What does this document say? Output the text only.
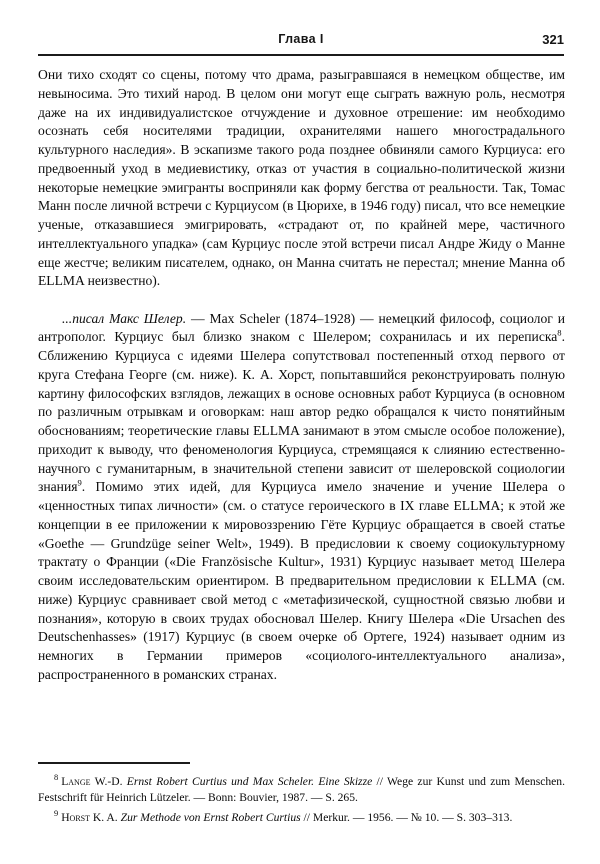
Глава I	321

Они тихо сходят со сцены, потому что драма, разыгравшаяся в немецком обществе, им невыносима. Это тихий народ. В целом они могут еще сыграть важную роль, несмотря даже на их индивидуалистское отчуждение и духовное отрешение: им необходимо осознать себя носителями традиции, охранителями нашего многострадального культурного наследия». В эскапизме такого рода позднее обвиняли самого Курциуса: его предвоенный уход в медиевистику, отказ от участия в социально-политической жизни некоторые немецкие эмигранты восприняли как форму бегства от реальности. Так, Томас Манн после личной встречи с Курциусом (в Цюрихе, в 1946 году) писал, что все немецкие ученые, отказавшиеся эмигрировать, «страдают от, по крайней мере, частичного интеллектуального упадка» (сам Курциус после этой встречи писал Андре Жиду о Манне еще жестче; великим писателем, однако, он Манна считать не перестал; мнение Манна об ELLMA неизвестно).

...писал Макс Шелер. — Max Scheler (1874–1928) — немецкий философ, социолог и антрополог. Курциус был близко знаком с Шелером; сохранилась и их переписка$^8$. Сближению Курциуса с идеями Шелера сопутствовал постепенный отход первого от круга Стефана Георге (см. ниже). К. А. Хорст, попытавшийся реконструировать полную картину философских взглядов, лежащих в основе основных работ Курциуса (в основном по различным отрывкам и оговоркам: наш автор редко обращался к чисто понятийным обоснованиям; теоретические главы ELLMA занимают в этом смысле особое положение), приходит к выводу, что феноменология Курциуса, стремящаяся к слиянию естественно-научного с гуманитарным, в значительной степени зависит от шелеровской социологии знания$^9$. Помимо этих идей, для Курциуса имело значение и учение Шелера о «ценностных типах личности» (см. о статусе героического в IX главе ELLMA; к этой же концепции в ее приложении к мировоззрению Гёте Курциус обращается в своей статье «Goethe — Grundzüge seiner Welt», 1949). В предисловии к своему социокультурному трактату о Франции («Die Französische Kultur», 1931) Курциус называет метод Шелера своим исследовательским ориентиром. В предварительном предисловии к ELLMA (см. ниже) Курциус сравнивает свой метод с «метафизической, сущностной связью любви и познания», которую в своих трудах обосновал Шелер. Книгу Шелера «Die Ursachen des Deutschenhasses» (1917) Курциус (в своем очерке об Ортеге, 1924) называет одним из немногих в Германии примеров «социолого-интеллектуального анализа», распространенного в романских странах.

$^8$ Lange W.-D. Ernst Robert Curtius und Max Scheler. Eine Skizze // Wege zur Kunst und zum Menschen. Festschrift für Heinrich Lützeler. — Bonn: Bouvier, 1987. — S. 265.

$^9$ Horst K. A. Zur Methode von Ernst Robert Curtius // Merkur. — 1956. — № 10. — S. 303–313.
